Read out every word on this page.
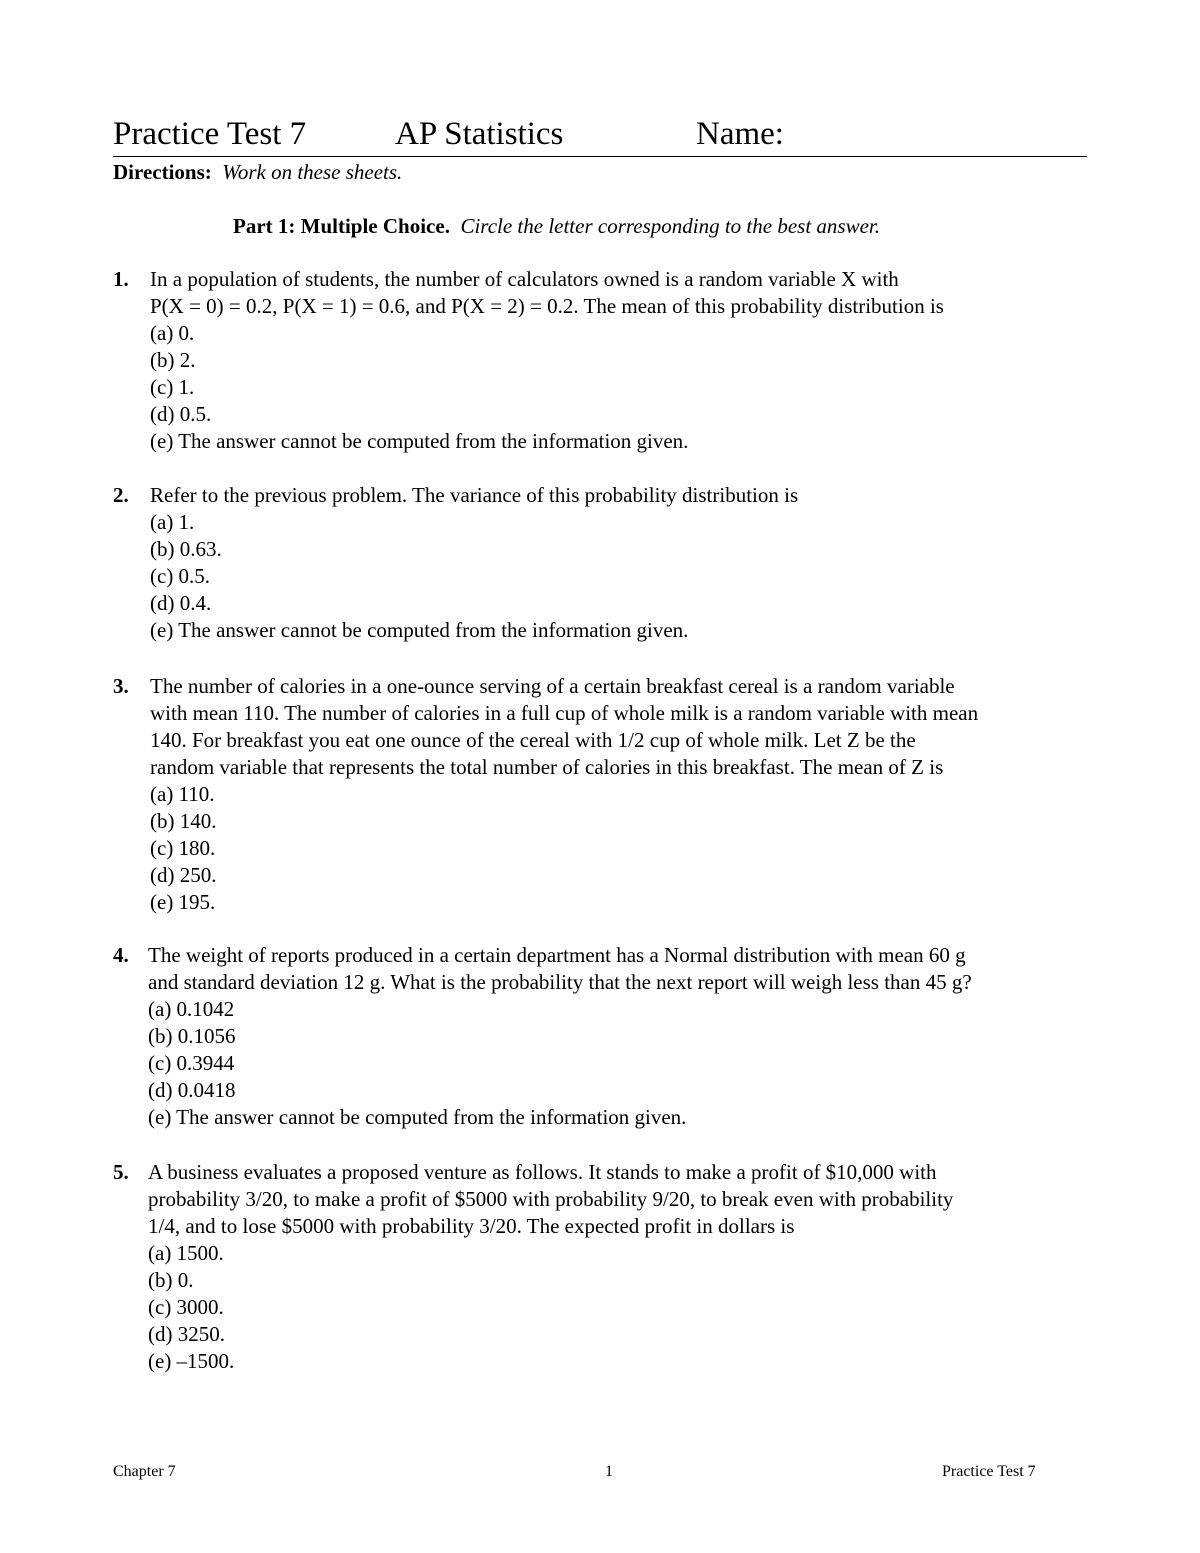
Practice Test 7	AP Statistics	Name:
Directions: Work on these sheets.
Part 1: Multiple Choice. Circle the letter corresponding to the best answer.
1. In a population of students, the number of calculators owned is a random variable X with
P(X = 0) = 0.2, P(X = 1) = 0.6, and P(X = 2) = 0.2. The mean of this probability distribution is
(a) 0.
(b) 2.
(c) 1.
(d) 0.5.
(e) The answer cannot be computed from the information given.
2. Refer to the previous problem. The variance of this probability distribution is
(a) 1.
(b) 0.63.
(c) 0.5.
(d) 0.4.
(e) The answer cannot be computed from the information given.
3. The number of calories in a one-ounce serving of a certain breakfast cereal is a random variable
with mean 110. The number of calories in a full cup of whole milk is a random variable with mean
140. For breakfast you eat one ounce of the cereal with 1/2 cup of whole milk. Let Z be the
random variable that represents the total number of calories in this breakfast. The mean of Z is
(a) 110.
(b) 140.
(c) 180.
(d) 250.
(e) 195.
4. The weight of reports produced in a certain department has a Normal distribution with mean 60 g
and standard deviation 12 g. What is the probability that the next report will weigh less than 45 g?
(a) 0.1042
(b) 0.1056
(c) 0.3944
(d) 0.0418
(e) The answer cannot be computed from the information given.
5. A business evaluates a proposed venture as follows. It stands to make a profit of $10,000 with
probability 3/20, to make a profit of $5000 with probability 9/20, to break even with probability
1/4, and to lose $5000 with probability 3/20. The expected profit in dollars is
(a) 1500.
(b) 0.
(c) 3000.
(d) 3250.
(e) –1500.
Chapter 7	1	Practice Test 7
